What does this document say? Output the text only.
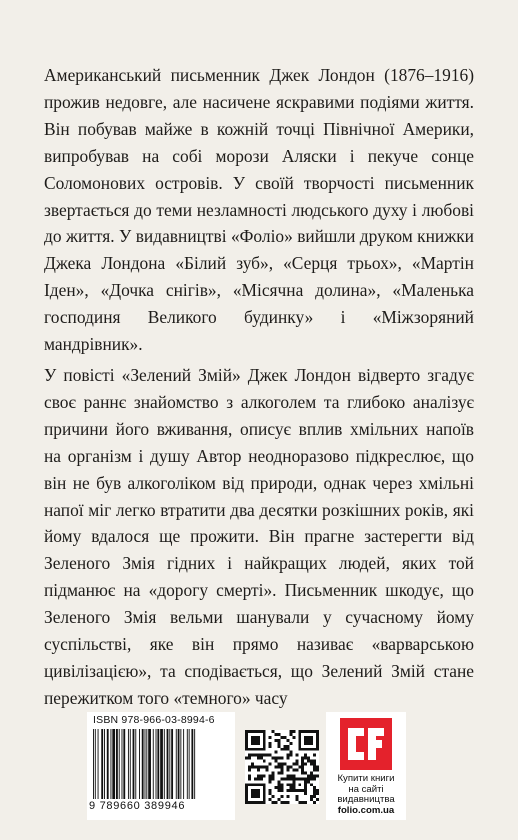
Американський письменник Джек Лондон (1876–1916) прожив недовге, але насичене яскравими подіями життя. Він побував майже в кожній точці Північної Америки, випробував на собі морози Аляски і пекуче сонце Соломонових островів. У своїй творчості письменник звертається до теми незламності людського духу і любові до життя. У видавництві «Фоліо» вийшли друком книжки Джека Лондона «Білий зуб», «Серця трьох», «Мартін Іден», «Дочка снігів», «Місячна долина», «Маленька господиня Великого будинку» і «Міжзоряний мандрівник».

У повісті «Зелений Змій» Джек Лондон відверто згадує своє раннє знайомство з алкоголем та глибоко аналізує причини його вживання, описує вплив хмільних напоїв на організм і душу Автор неодноразово підкреслює, що він не був алкоголіком від природи, однак через хмільні напої міг легко втратити два десятки розкішних років, які йому вдалося ще прожити. Він прагне застерегти від Зеленого Змія гідних і найкращих людей, яких той підманює на «дорогу смерті». Письменник шкодує, що Зеленого Змія вельми шанували у сучасному йому суспільстві, яке він прямо називає «варварською цивілізацією», та сподівається, що Зелений Змій стане пережитком того «темного» часу

ISBN 978-966-03-8994-6
9 789660 389946
Купити книги
на сайті
видавництва
folio.com.ua
